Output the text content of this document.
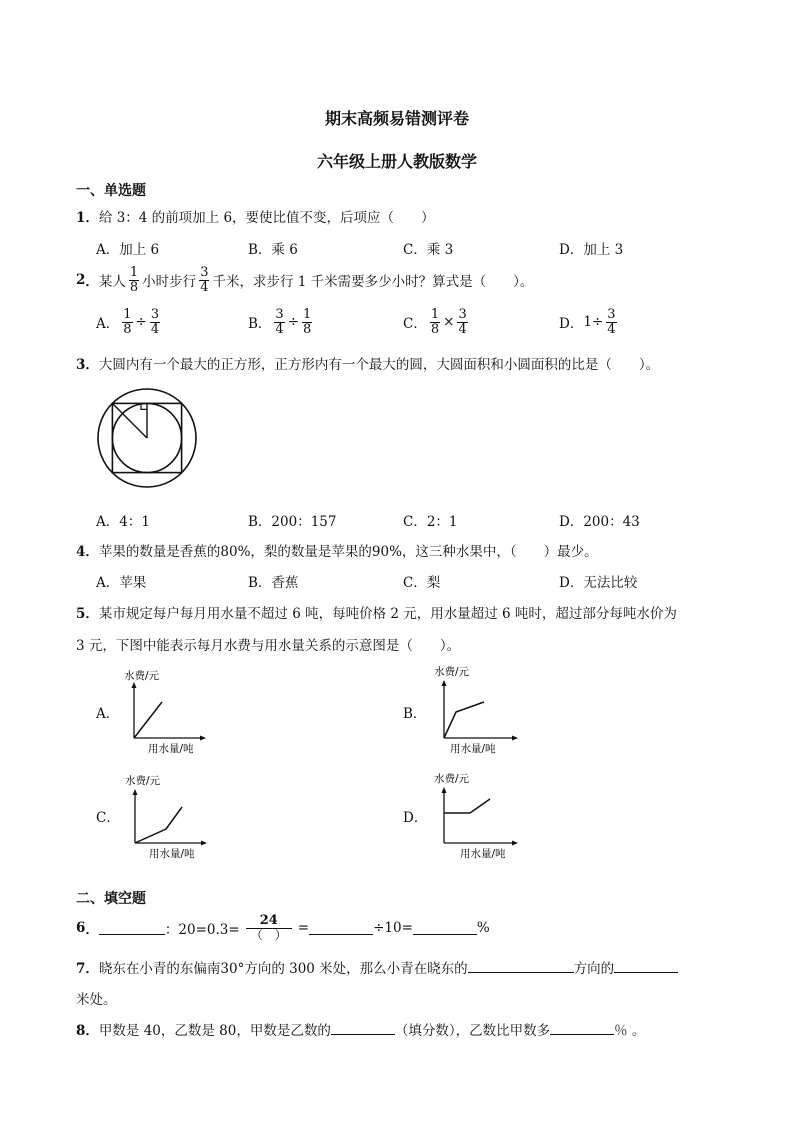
期末高频易错测评卷
六年级上册人教版数学
一、单选题
1．给 3：4 的前项加上 6，要使比值不变，后项应（　　）
A．加上 6	B．乘 6	C．乘 3	D．加上 3
2 ． 某人 $\frac{1}{8}$ 小时步行 $\frac{3}{4}$ 千米，求步行 1 千米需要多少小时？算式是（　　）。
A． $\frac{1}{8} \div \frac{3}{4}$	B． $\frac{3}{4} \div \frac{1}{8}$	C． $\frac{1}{8} \times \frac{3}{4}$	D． $1\div \frac{3}{4}$
3．大圆内有一个最大的正方形，正方形内有一个最大的圆，大圆面积和小圆面积的比是（　　）。
A．4：1	B．200：157	C．2：1	D．200：43
4．苹果的数量是香蕉的80%，梨的数量是苹果的90%，这三种水果中，（　　）最少。
A．苹果	B．香蕉	C．梨	D．无法比较
5．某市规定每户每月用水量不超过 6 吨，每吨价格 2 元，用水量超过 6 吨时，超过部分每吨水价为
3 元，下图中能表示每月水费与用水量关系的示意图是（　　）。
A．
水费/元
用水量/吨
B．
水费/元
用水量/吨
C．
水费/元
用水量/吨
D．
水费/元
用水量/吨
二、填空题
6 ．	：$20=0.3= \frac{24}{( )}$ =	÷10=	%
7．晓东在小青的东偏南30°方向的 300 米处，那么小青在晓东的	方向的
米处。
8．甲数是 40，乙数是 80，甲数是乙数的	（填分数），乙数比甲数多	％ 。
